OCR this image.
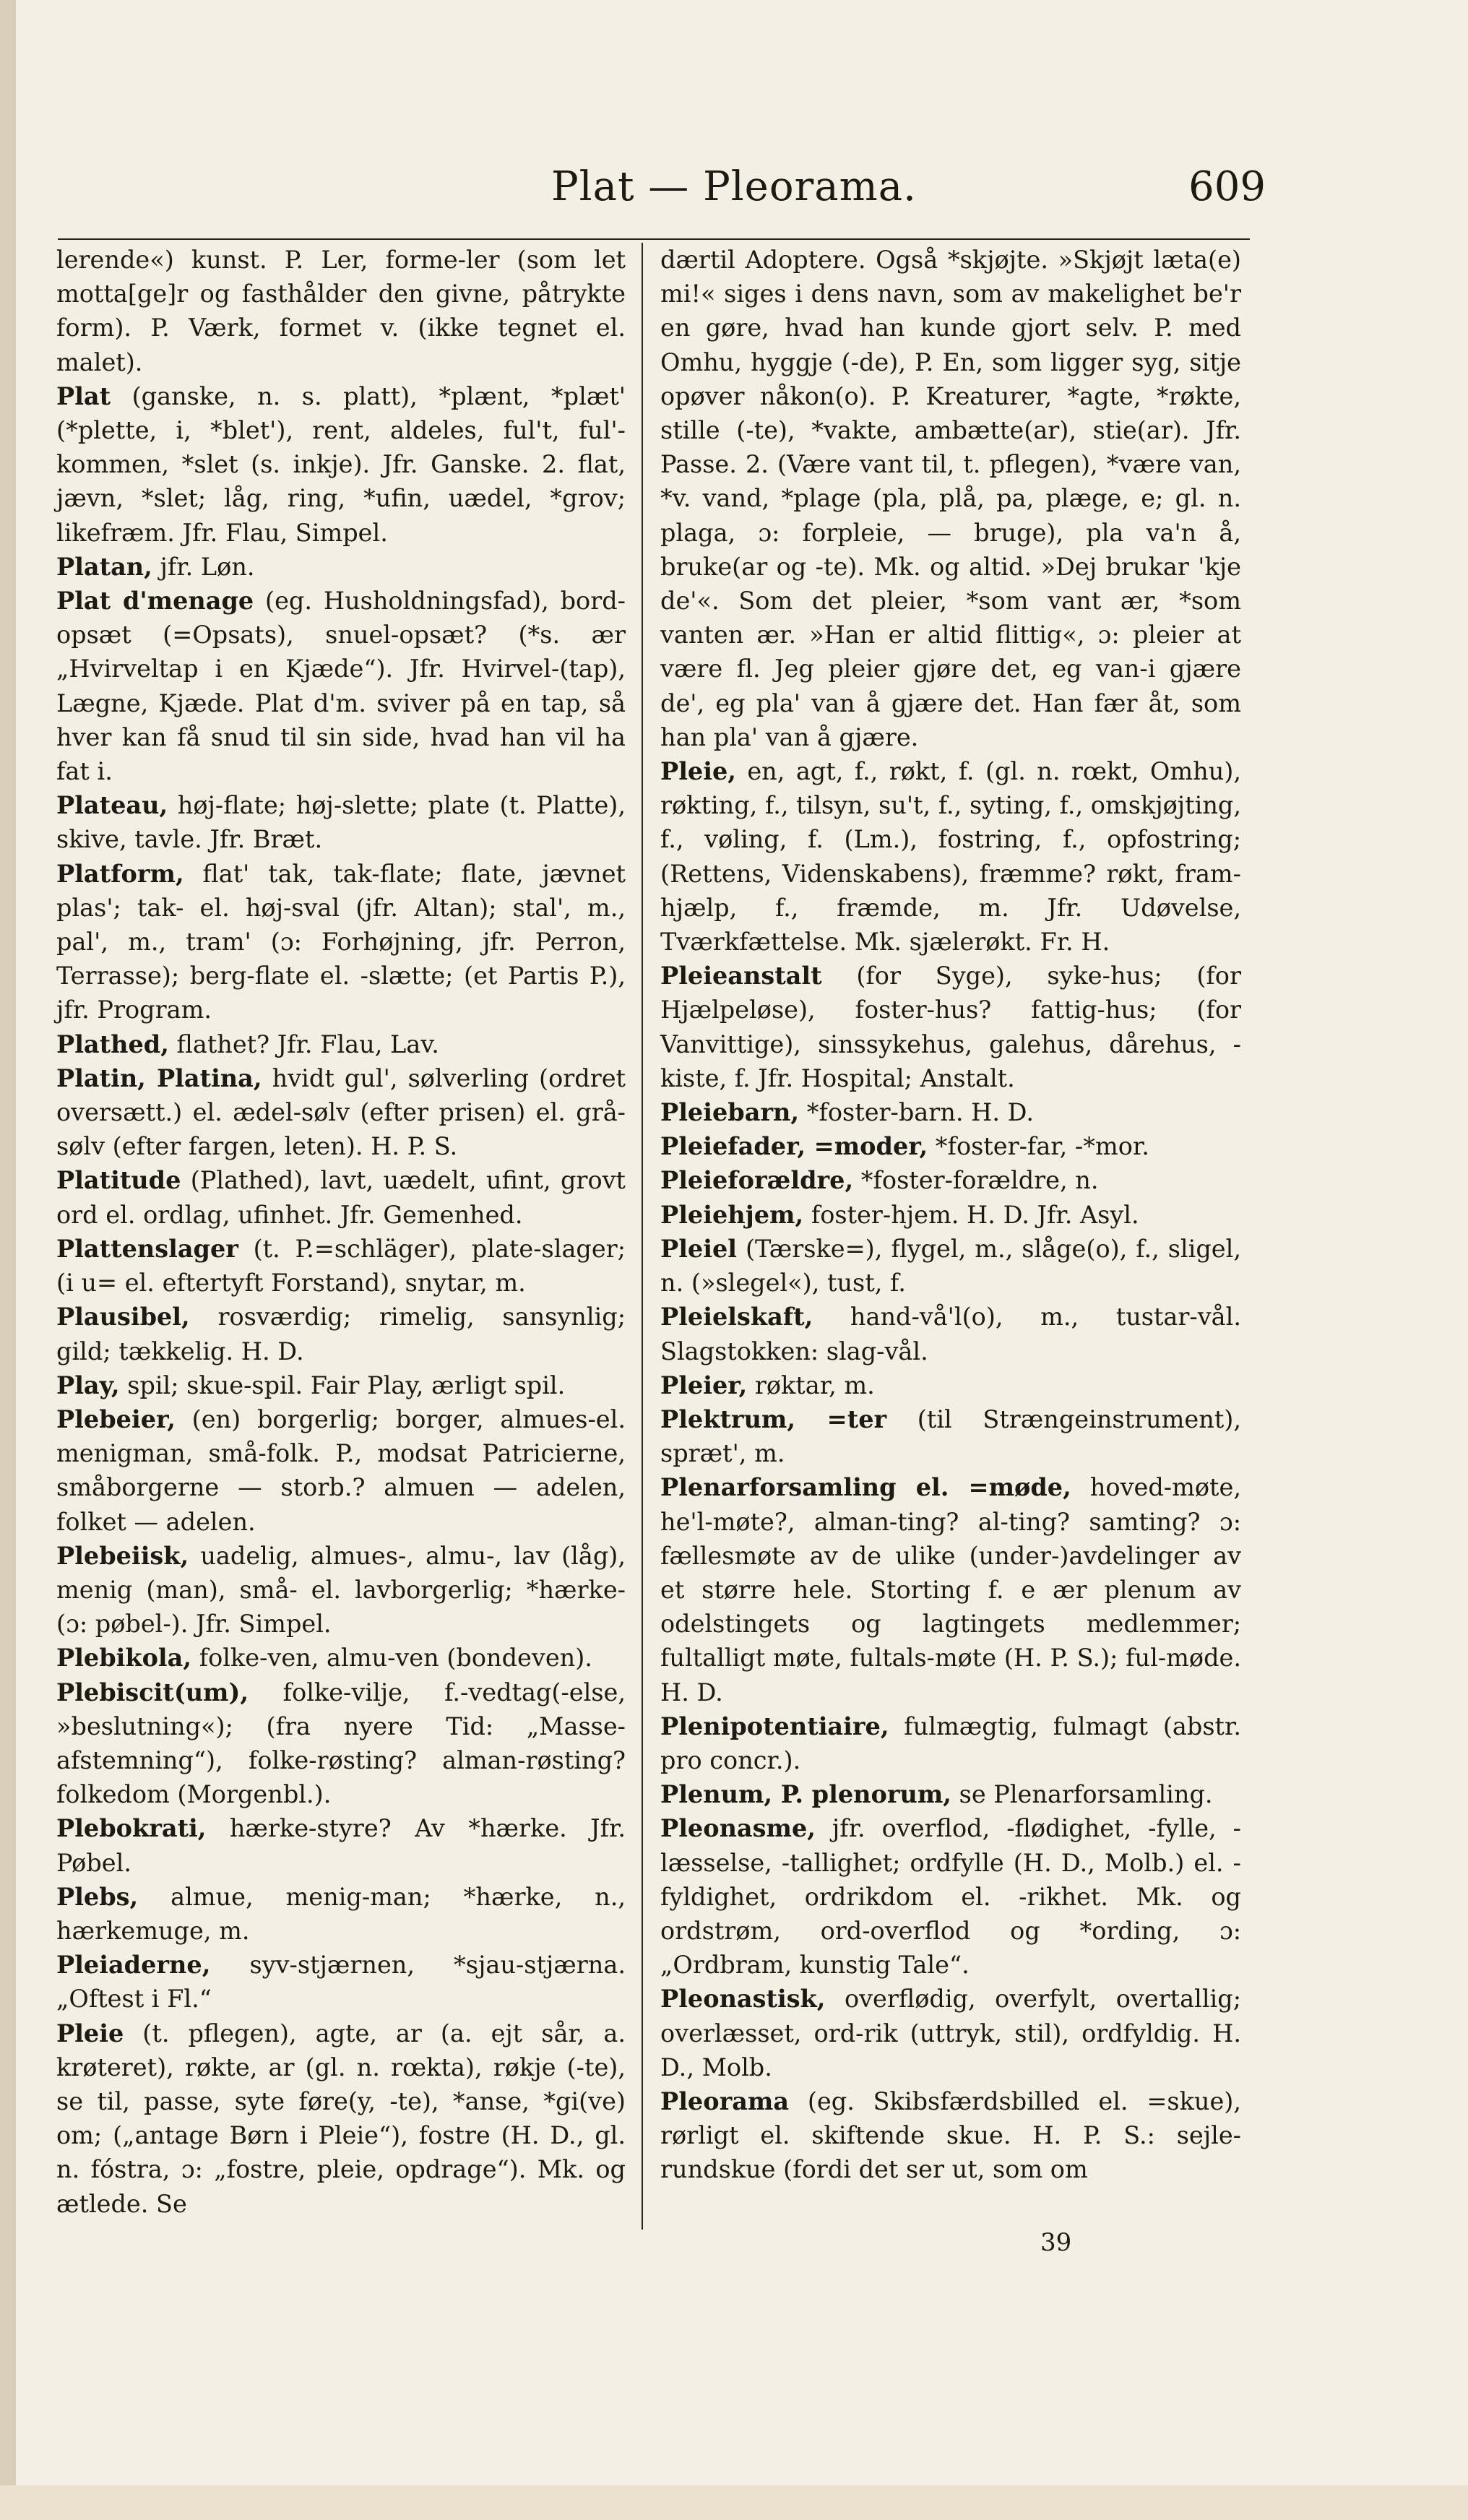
Plat — Pleorama.	609

lerende«) kunst. P. Ler, forme-ler (som let motta[ge]r og fasthålder den givne, påtrykte form). P. Værk, formet v. (ikke tegnet el. malet).

Plat (ganske, n. s. platt), *plænt, *plæt' (*plette, i, *blet'), rent, aldeles, ful't, ful'-kommen, *slet (s. inkje). Jfr. Ganske. 2. flat, jævn, *slet; låg, ring, *ufin, uædel, *grov; likefræm. Jfr. Flau, Simpel.

Platan, jfr. Løn.

Plat d'menage (eg. Husholdningsfad), bord-opsæt (=Opsats), snuel-opsæt? (*s. ær „Hvirveltap i en Kjæde“). Jfr. Hvirvel-(tap), Lægne, Kjæde. Plat d'm. sviver på en tap, så hver kan få snud til sin side, hvad han vil ha fat i.

Plateau, høj-flate; høj-slette; plate (t. Platte), skive, tavle. Jfr. Bræt.

Platform, flat' tak, tak-flate; flate, jævnet plas'; tak- el. høj-sval (jfr. Altan); stal', m., pal', m., tram' (ɔ: Forhøjning, jfr. Perron, Terrasse); berg-flate el. -slætte; (et Partis P.), jfr. Program.

Plathed, flathet? Jfr. Flau, Lav.

Platin, Platina, hvidt gul', sølverling (ordret oversætt.) el. ædel-sølv (efter prisen) el. grå-sølv (efter fargen, leten). H. P. S.

Platitude (Plathed), lavt, uædelt, ufint, grovt ord el. ordlag, ufinhet. Jfr. Gemenhed.

Plattenslager (t. P.=schläger), plate-slager; (i u= el. eftertyft Forstand), snytar, m.

Plausibel, rosværdig; rimelig, sansynlig; gild; tækkelig. H. D.

Play, spil; skue-spil. Fair Play, ærligt spil.

Plebeier, (en) borgerlig; borger, almues-el. menigman, små-folk. P., modsat Patricierne, småborgerne — storb.? almuen — adelen, folket — adelen.

Plebeiisk, uadelig, almues-, almu-, lav (låg), menig (man), små- el. lavborgerlig; *hærke- (ɔ: pøbel-). Jfr. Simpel.

Plebikola, folke-ven, almu-ven (bondeven).

Plebiscit(um), folke-vilje, f.-vedtag(-else, »beslutning«); (fra nyere Tid: „Masse-afstemning“), folke-røsting? alman-røsting? folkedom (Morgenbl.).

Plebokrati, hærke-styre? Av *hærke. Jfr. Pøbel.

Plebs, almue, menig-man; *hærke, n., hærkemuge, m.

Pleiaderne, syv-stjærnen, *sjau-stjærna. „Oftest i Fl.“

Pleie (t. pflegen), agte, ar (a. ejt sår, a. krøteret), røkte, ar (gl. n. rœkta), røkje (-te), se til, passe, syte føre(y, -te), *anse, *gi(ve) om; („antage Børn i Pleie“), fostre (H. D., gl. n. fóstra, ɔ: „fostre, pleie, opdrage“). Mk. og ætlede. Se

dærtil Adoptere. Også *skjøjte. »Skjøjt læta(e) mi!« siges i dens navn, som av makelighet be'r en gøre, hvad han kunde gjort selv. P. med Omhu, hyggje (-de), P. En, som ligger syg, sitje opøver nåkon(o). P. Kreaturer, *agte, *røkte, stille (-te), *vakte, ambætte(ar), stie(ar). Jfr. Passe. 2. (Være vant til, t. pflegen), *være van, *v. vand, *plage (pla, plå, pa, plæge, e; gl. n. plaga, ɔ: forpleie, — bruge), pla va'n å, bruke(ar og -te). Mk. og altid. »Dej brukar 'kje de'«. Som det pleier, *som vant ær, *som vanten ær. »Han er altid flittig«, ɔ: pleier at være fl. Jeg pleier gjøre det, eg van-i gjære de', eg pla' van å gjære det. Han fær åt, som han pla' van å gjære.

Pleie, en, agt, f., røkt, f. (gl. n. rœkt, Omhu), røkting, f., tilsyn, su't, f., syting, f., omskjøjting, f., vøling, f. (Lm.), fostring, f., opfostring; (Rettens, Videnskabens), fræmme? røkt, fram-hjælp, f., fræmde, m. Jfr. Udøvelse, Tværkfættelse. Mk. sjælerøkt. Fr. H.

Pleieanstalt (for Syge), syke-hus; (for Hjælpeløse), foster-hus? fattig-hus; (for Vanvittige), sinssykehus, galehus, dårehus, -kiste, f. Jfr. Hospital; Anstalt.

Pleiebarn, *foster-barn. H. D.

Pleiefader, =moder, *foster-far, -*mor.

Pleieforældre, *foster-forældre, n.

Pleiehjem, foster-hjem. H. D. Jfr. Asyl.

Pleiel (Tærske=), flygel, m., slåge(o), f., sligel, n. (»slegel«), tust, f.

Pleielskaft, hand-vå'l(o), m., tustar-vål. Slagstokken: slag-vål.

Pleier, røktar, m.

Plektrum, =ter (til Strængeinstrument), spræt', m.

Plenarforsamling el. =møde, hoved-møte, he'l-møte?, alman-ting? al-ting? samting? ɔ: fællesmøte av de ulike (under-)avdelinger av et større hele. Storting f. e ær plenum av odelstingets og lagtingets medlemmer; fultalligt møte, fultals-møte (H. P. S.); ful-møde. H. D.

Plenipotentiaire, fulmægtig, fulmagt (abstr. pro concr.).

Plenum, P. plenorum, se Plenarforsamling.

Pleonasme, jfr. overflod, -flødighet, -fylle, -læsselse, -tallighet; ordfylle (H. D., Molb.) el. -fyldighet, ordrikdom el. -rikhet. Mk. og ordstrøm, ord-overflod og *ording, ɔ: „Ordbram, kunstig Tale“.

Pleonastisk, overflødig, overfylt, overtallig; overlæsset, ord-rik (uttryk, stil), ordfyldig. H. D., Molb.

Pleorama (eg. Skibsfærdsbilled el. =skue), rørligt el. skiftende skue. H. P. S.: sejle-rundskue (fordi det ser ut, som om

39
